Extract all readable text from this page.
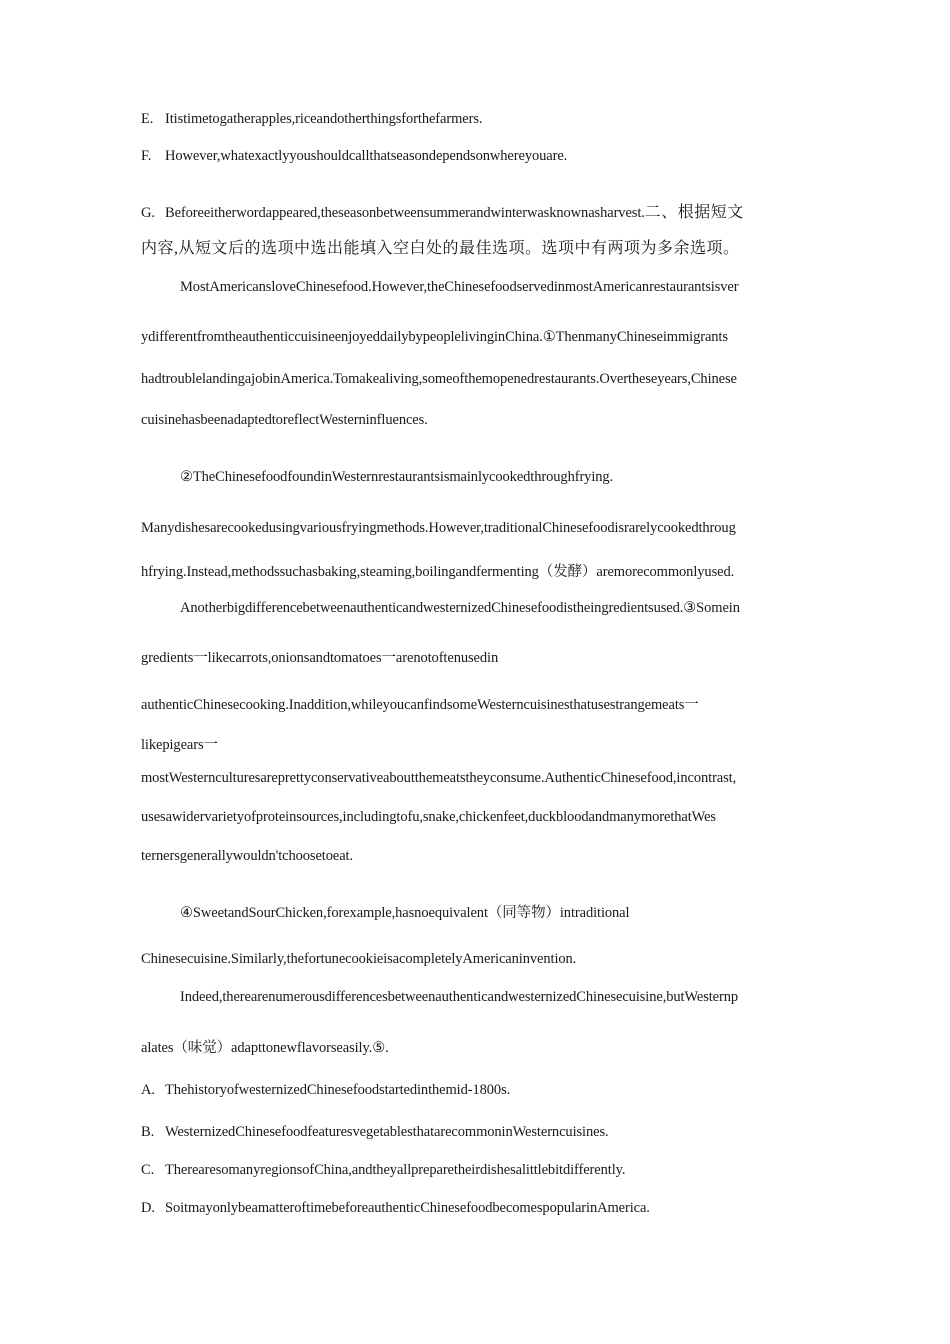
E. Itistimetogatherapples,riceandotherthingsforthefarmers.
F. However,whatexactlyyoushouldcallthatseasondependsonwhereyouare.
G. Beforeeitherwordappeared,theseasonbetweensummerandwinterwasknownasharvest.二、根据短文
内容,从短文后的选项中选出能填入空白处的最佳选项。选项中有两项为多余选项。
MostAmericansloveChinesefood.However,theChinesefoodservedinmostAmericanrestaurantsisver
ydifferentfromtheauthenticcuisineenjoyeddailybypeoplelivinginChina.①ThenmanyChineseimmigrants
hadtroublelandingajobinAmerica.Tomakealiving,someofthemopenedrestaurants.Overtheseyears,Chinese
cuisinehasbeenadaptedtoreflectWesterninfluences.
②TheChinesefoodfoundinWesternrestaurantsismainlycookedthroughfrying.
Manydishesarecookedusingvariousfryingmethods.However,traditionalChinesefoodisrarelycookedthroug
hfrying.Instead,methodssuchasbaking,steaming,boilingandfermenting（发酵）aremorecommonlyused.
AnotherbigdifferencebetweenauthenticandwesternizedChinesefoodistheingredientsused.③Somein
gredients一likecarrots,onionsandtomatoes一arenotoftenusedin
authenticChinesecooking.Inaddition,whileyoucanfindsomeWesterncuisinesthatusestrangemeats一
likepigears一
mostWesternculturesareprettyconservativeaboutthemeatstheyconsume.AuthenticChinesefood,incontrast,
usesawidervarietyofproteinsources,includingtofu,snake,chickenfeet,duckbloodandmanymorethatWes
ternersgenerallywouldn'tchoosetoeat.
④SweetandSourChicken,forexample,hasnoequivalent（同等物）intraditional
Chinesecuisine.Similarly,thefortunecookieisacompletelyAmericaninvention.
Indeed,therearenumerousdifferencesbetweenauthenticandwesternizedChinesecuisine,butWesternp
alates（味觉）adapttonewflavorseasily.⑤.
A. ThehistoryofwesternizedChinesefoodstartedinthemid-1800s.
B. WesternizedChinesefoodfeaturesvegetablesthatarecommoninWesterncuisines.
C. TherearesomanyregionsofChina,andtheyallpreparetheirdishesalittlebitdifferently.
D. SoitmayonlybeamatteroftimebeforeauthenticChinesefoodbecomespopularinAmerica.
